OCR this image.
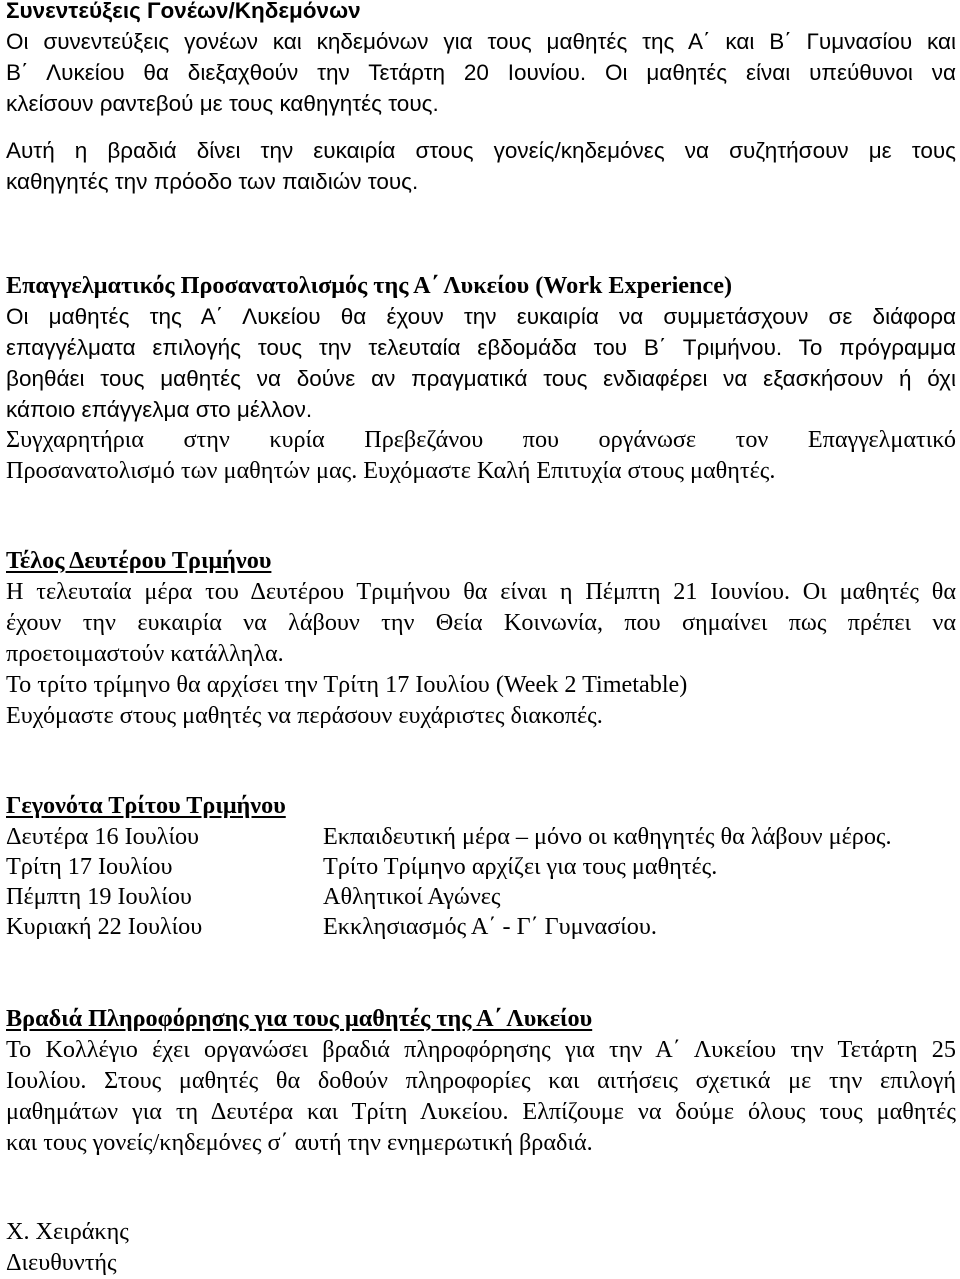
Συνεντεύξεις Γονέων/Κηδεμόνων
Οι συνεντεύξεις γονέων και κηδεμόνων για τους μαθητές της Α΄ και Β΄ Γυμνασίου και
Β΄ Λυκείου θα διεξαχθούν την Τετάρτη 20 Ιουνίου. Οι μαθητές είναι υπεύθυνοι να
κλείσουν ραντεβού με τους καθηγητές τους.
Αυτή η βραδιά δίνει την ευκαιρία στους γονείς/κηδεμόνες να συζητήσουν με τους
καθηγητές την πρόοδο των παιδιών τους.
Επαγγελματικός Προσανατολισμός της Α΄ Λυκείου (Work Experience)
Οι μαθητές της Α΄ Λυκείου θα έχουν την ευκαιρία να συμμετάσχουν σε διάφορα
επαγγέλματα επιλογής τους την τελευταία εβδομάδα του Β΄ Τριμήνου. Το πρόγραμμα
βοηθάει τους μαθητές να δούνε αν πραγματικά τους ενδιαφέρει να εξασκήσουν ή όχι
κάποιο επάγγελμα στο μέλλον.
Συγχαρητήρια στην κυρία Πρεβεζάνου που οργάνωσε τον Επαγγελματικό
Προσανατολισμό των μαθητών μας. Ευχόμαστε Καλή Επιτυχία στους μαθητές.
Τέλος Δευτέρου Τριμήνου
Η τελευταία μέρα του Δευτέρου Τριμήνου θα είναι η Πέμπτη 21 Ιουνίου. Οι μαθητές θα
έχουν την ευκαιρία να λάβουν την Θεία Κοινωνία, που σημαίνει πως πρέπει να
προετοιμαστούν κατάλληλα.
Το τρίτο τρίμηνο θα αρχίσει την Τρίτη 17 Ιουλίου (Week 2 Timetable)
Ευχόμαστε στους μαθητές να περάσουν ευχάριστες διακοπές.
Γεγονότα Τρίτου Τριμήνου
Δευτέρα 16 Ιουλίου	Εκπαιδευτική μέρα – μόνο οι καθηγητές θα λάβουν μέρος.
Τρίτη 17 Ιουλίου	Τρίτο Τρίμηνο αρχίζει για τους μαθητές.
Πέμπτη 19 Ιουλίου	Αθλητικοί Αγώνες
Κυριακή 22 Ιουλίου	Εκκλησιασμός Α΄ - Γ΄ Γυμνασίου.
Βραδιά Πληροφόρησης για τους μαθητές της Α΄ Λυκείου
Το Κολλέγιο έχει οργανώσει βραδιά πληροφόρησης για την Α΄ Λυκείου την Τετάρτη 25
Ιουλίου. Στους μαθητές θα δοθούν πληροφορίες και αιτήσεις σχετικά με την επιλογή
μαθημάτων για τη Δευτέρα και Τρίτη Λυκείου. Ελπίζουμε να δούμε όλους τους μαθητές
και τους γονείς/κηδεμόνες σ΄ αυτή την ενημερωτική βραδιά.
Χ. Χειράκης
Διευθυντής
